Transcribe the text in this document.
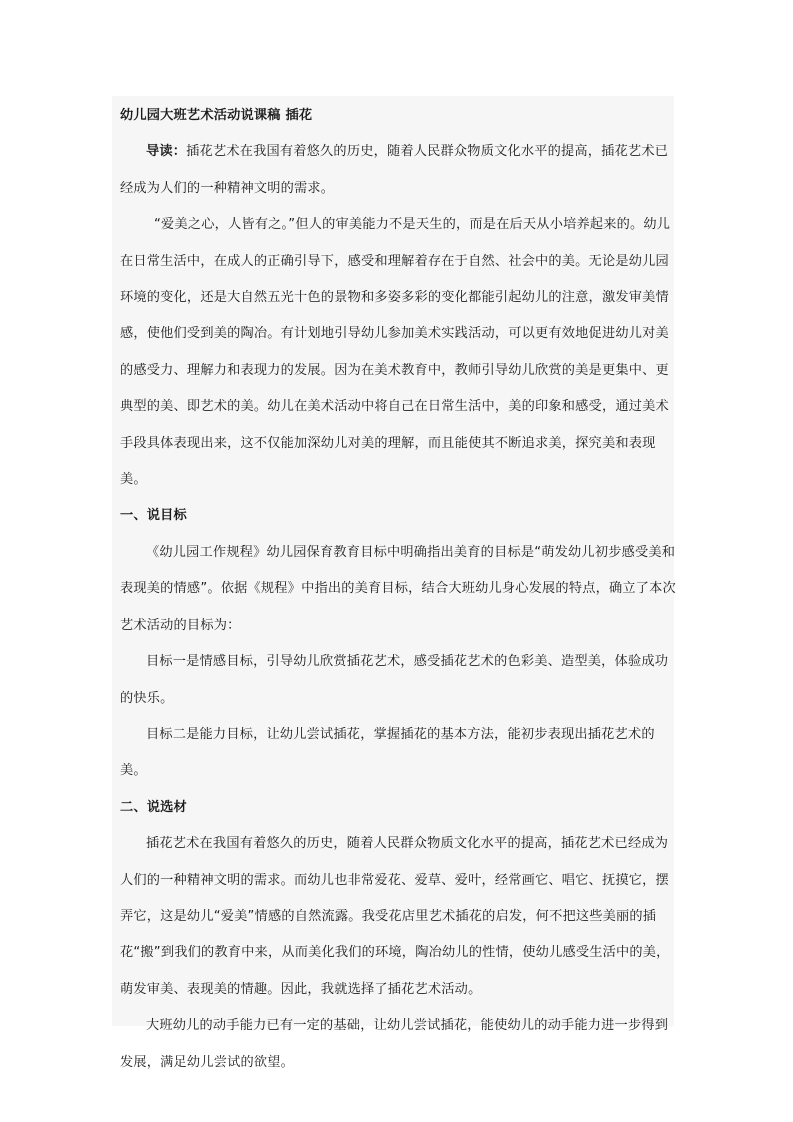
幼儿园大班艺术活动说课稿 插花

导读：插花艺术在我国有着悠久的历史，随着人民群众物质文化水平的提高，插花艺术已经成为人们的一种精神文明的需求。

“爱美之心，人皆有之。”但人的审美能力不是天生的，而是在后天从小培养起来的。幼儿在日常生活中，在成人的正确引导下，感受和理解着存在于自然、社会中的美。无论是幼儿园环境的变化，还是大自然五光十色的景物和多姿多彩的变化都能引起幼儿的注意，激发审美情感，使他们受到美的陶冶。有计划地引导幼儿参加美术实践活动，可以更有效地促进幼儿对美的感受力、理解力和表现力的发展。因为在美术教育中，教师引导幼儿欣赏的美是更集中、更典型的美、即艺术的美。幼儿在美术活动中将自己在日常生活中，美的印象和感受，通过美术手段具体表现出来，这不仅能加深幼儿对美的理解，而且能使其不断追求美，探究美和表现美。

一、说目标

《幼儿园工作规程》幼儿园保育教育目标中明确指出美育的目标是“萌发幼儿初步感受美和表现美的情感”。依据《规程》中指出的美育目标，结合大班幼儿身心发展的特点，确立了本次艺术活动的目标为：

目标一是情感目标，引导幼儿欣赏插花艺术，感受插花艺术的色彩美、造型美，体验成功的快乐。

目标二是能力目标，让幼儿尝试插花，掌握插花的基本方法，能初步表现出插花艺术的美。

二、说选材

插花艺术在我国有着悠久的历史，随着人民群众物质文化水平的提高，插花艺术已经成为人们的一种精神文明的需求。而幼儿也非常爱花、爱草、爱叶，经常画它、唱它、抚摸它，摆弄它，这是幼儿“爱美”情感的自然流露。我受花店里艺术插花的启发，何不把这些美丽的插花“搬”到我们的教育中来，从而美化我们的环境，陶冶幼儿的性情，使幼儿感受生活中的美，萌发审美、表现美的情趣。因此，我就选择了插花艺术活动。

大班幼儿的动手能力已有一定的基础，让幼儿尝试插花，能使幼儿的动手能力进一步得到发展，满足幼儿尝试的欲望。
